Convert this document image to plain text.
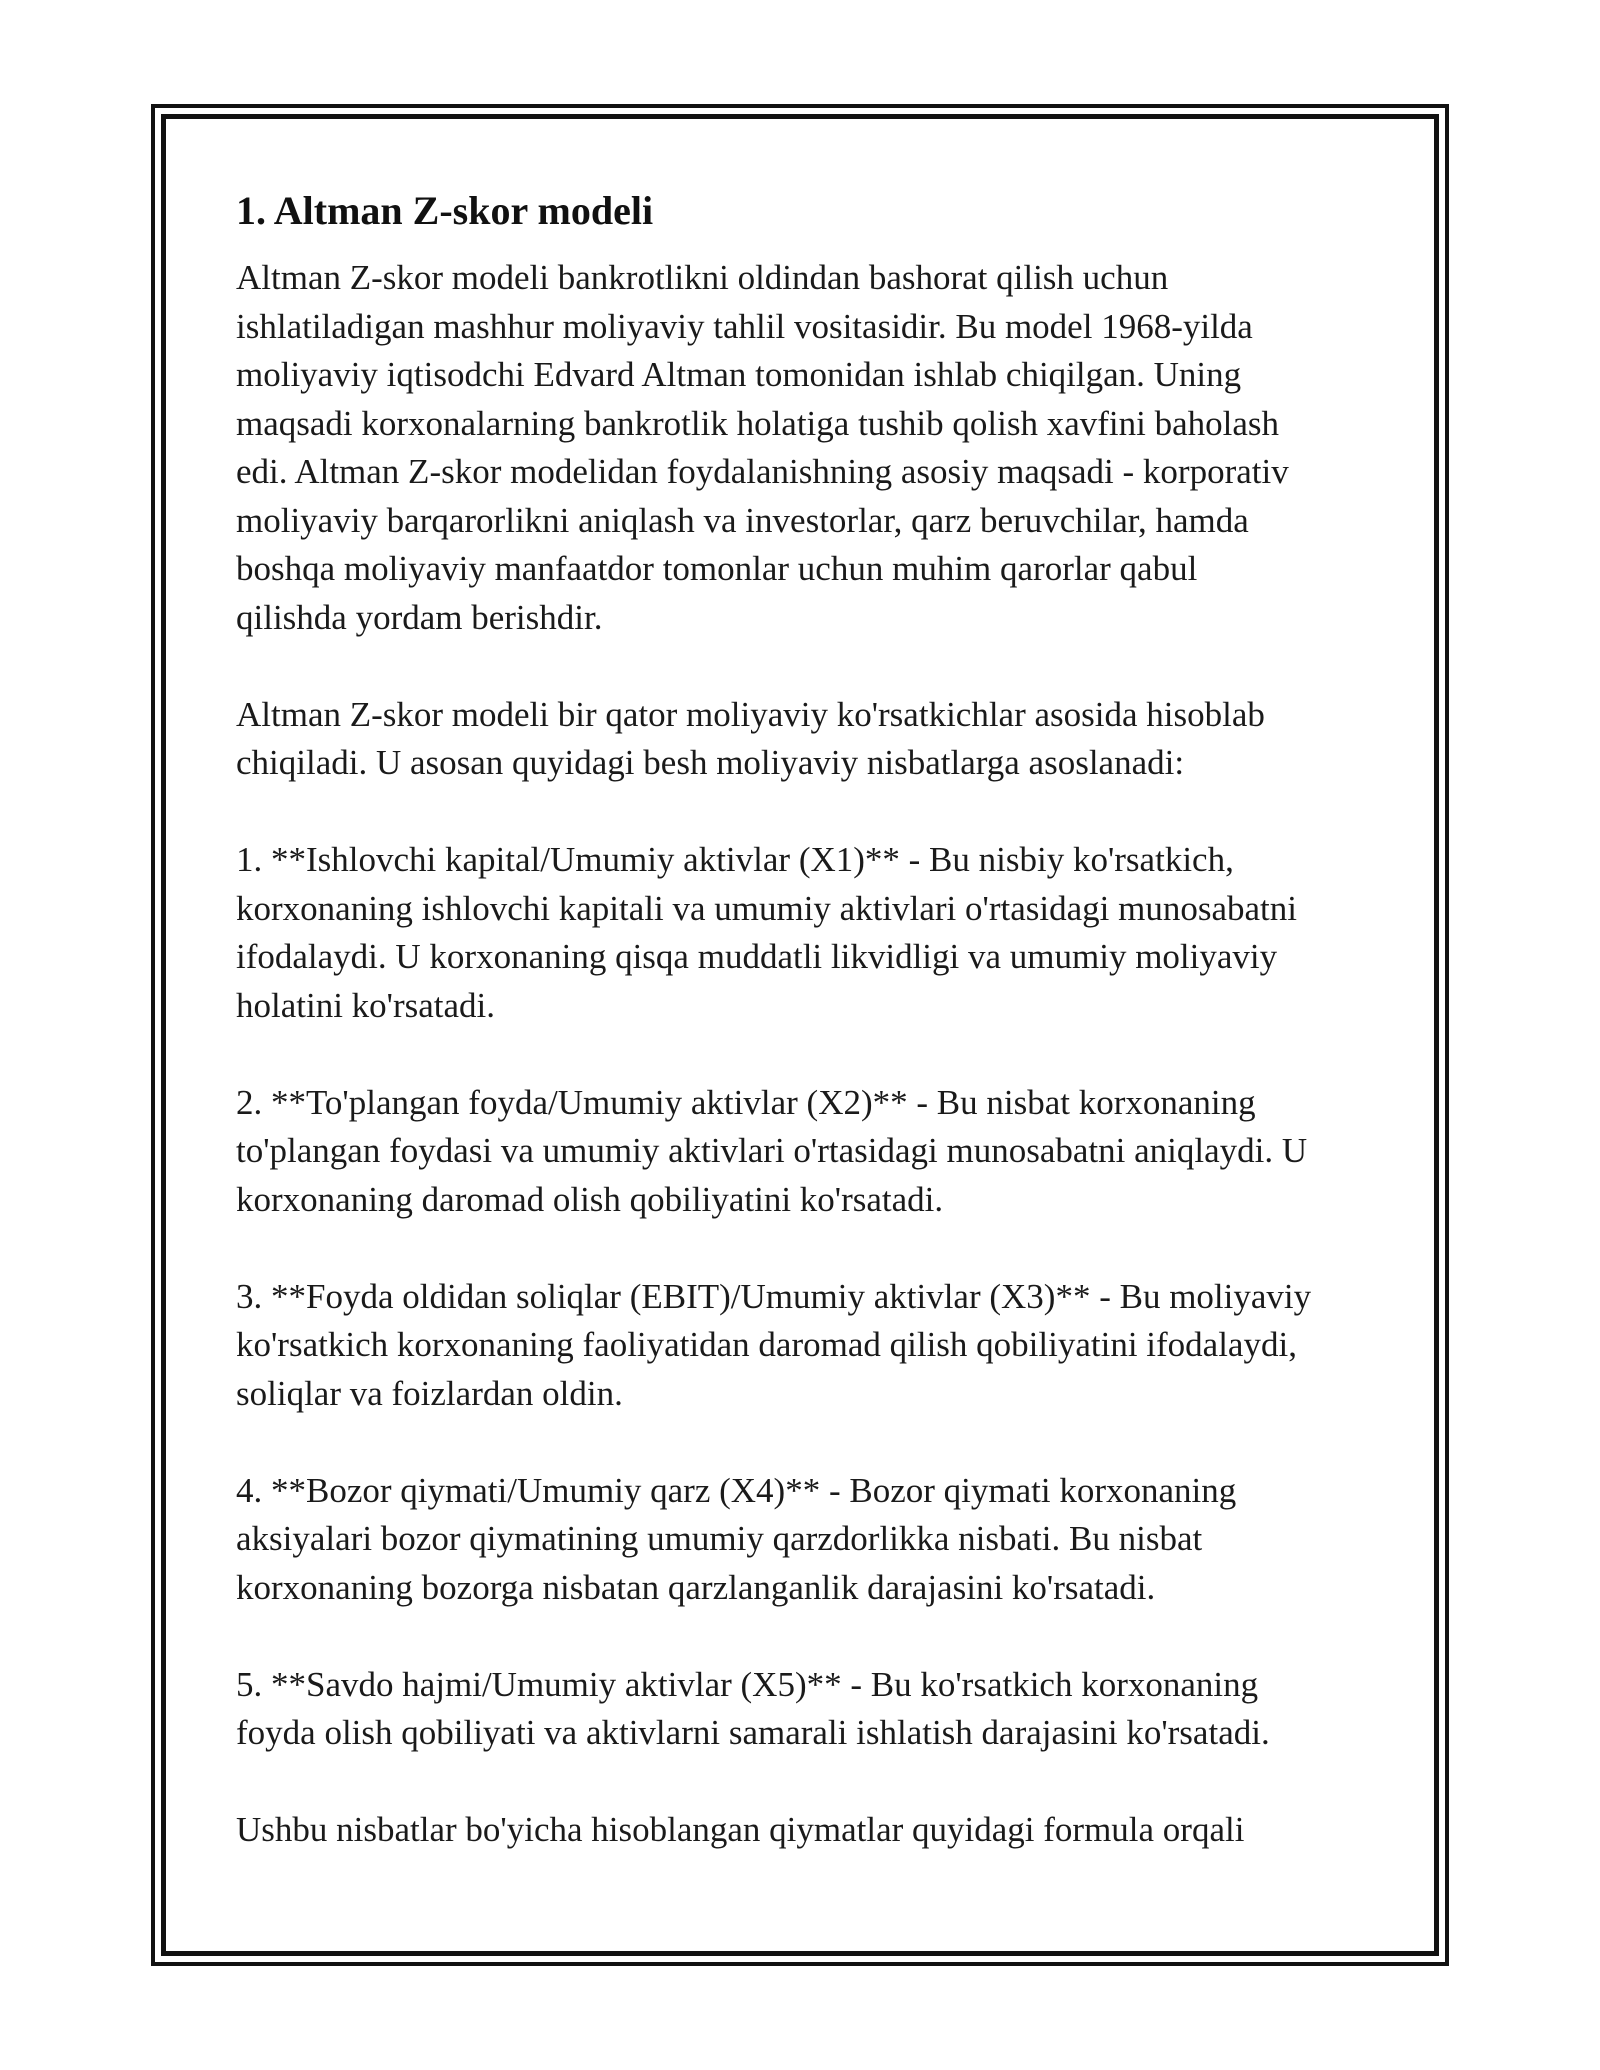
1. Altman Z-skor modeli

Altman Z-skor modeli bankrotlikni oldindan bashorat qilish uchun
ishlatiladigan mashhur moliyaviy tahlil vositasidir. Bu model 1968-yilda
moliyaviy iqtisodchi Edvard Altman tomonidan ishlab chiqilgan. Uning
maqsadi korxonalarning bankrotlik holatiga tushib qolish xavfini baholash
edi. Altman Z-skor modelidan foydalanishning asosiy maqsadi - korporativ
moliyaviy barqarorlikni aniqlash va investorlar, qarz beruvchilar, hamda
boshqa moliyaviy manfaatdor tomonlar uchun muhim qarorlar qabul
qilishda yordam berishdir.

Altman Z-skor modeli bir qator moliyaviy ko'rsatkichlar asosida hisoblab
chiqiladi. U asosan quyidagi besh moliyaviy nisbatlarga asoslanadi:

1. **Ishlovchi kapital/Umumiy aktivlar (X1)** - Bu nisbiy ko'rsatkich,
korxonaning ishlovchi kapitali va umumiy aktivlari o'rtasidagi munosabatni
ifodalaydi. U korxonaning qisqa muddatli likvidligi va umumiy moliyaviy
holatini ko'rsatadi.

2. **To'plangan foyda/Umumiy aktivlar (X2)** - Bu nisbat korxonaning
to'plangan foydasi va umumiy aktivlari o'rtasidagi munosabatni aniqlaydi. U
korxonaning daromad olish qobiliyatini ko'rsatadi.

3. **Foyda oldidan soliqlar (EBIT)/Umumiy aktivlar (X3)** - Bu moliyaviy
ko'rsatkich korxonaning faoliyatidan daromad qilish qobiliyatini ifodalaydi,
soliqlar va foizlardan oldin.

4. **Bozor qiymati/Umumiy qarz (X4)** - Bozor qiymati korxonaning
aksiyalari bozor qiymatining umumiy qarzdorlikka nisbati. Bu nisbat
korxonaning bozorga nisbatan qarzlanganlik darajasini ko'rsatadi.

5. **Savdo hajmi/Umumiy aktivlar (X5)** - Bu ko'rsatkich korxonaning
foyda olish qobiliyati va aktivlarni samarali ishlatish darajasini ko'rsatadi.

Ushbu nisbatlar bo'yicha hisoblangan qiymatlar quyidagi formula orqali
